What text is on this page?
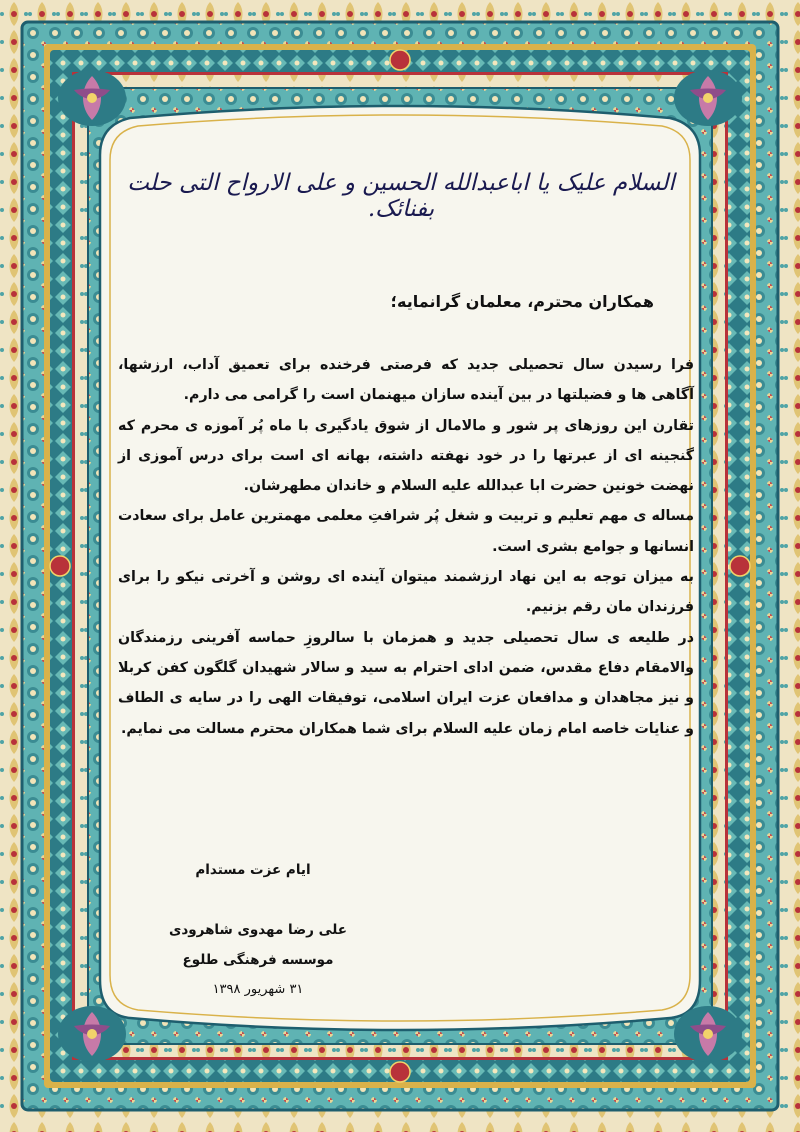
السلام علیک یا اباعبدالله الحسین و علی الارواح التی حلت بفنائک.
همکاران محترم، معلمان گرانمایه؛

فرا رسیدن سال تحصیلی جدید که فرصتی فرخنده برای تعمیق آداب، ارزشها، آگاهی ها و فضیلتها در بین آینده سازان میهنمان است را گرامی می دارم.

تقارن این روزهای پر شور و مالامال از شوق یادگیری با ماه پُر آموزه ی محرم که گنجینه ای از عبرتها را در خود نهفته داشته، بهانه ای است برای درس آموزی از نهضت خونین حضرت ابا عبدالله علیه السلام و خاندان مطهرشان.

مساله ی مهم تعلیم و تربیت و شغل پُر شرافتِ معلمی مهمترین عامل برای سعادت انسانها و جوامع بشری است.

به میزان توجه به این نهاد ارزشمند میتوان آینده ای روشن و آخرتی نیکو را برای فرزندان مان رقم بزنیم.

در طلیعه ی سال تحصیلی جدید و همزمان با سالروزِ حماسه آفرینی رزمندگان والامقام دفاع مقدس، ضمن ادای احترام به سید و سالار شهیدان گلگون کفن کربلا و نیز مجاهدان و مدافعان عزت ایران اسلامی، توفیقات الهی را در سایه ی الطاف و عنایات خاصه امام زمان علیه السلام برای شما همکاران محترم مسالت می نمایم.

ایام عزت مستدام
علی رضا مهدوی شاهرودی
موسسه فرهنگی طلوع
۳۱ شهریور ۱۳۹۸
